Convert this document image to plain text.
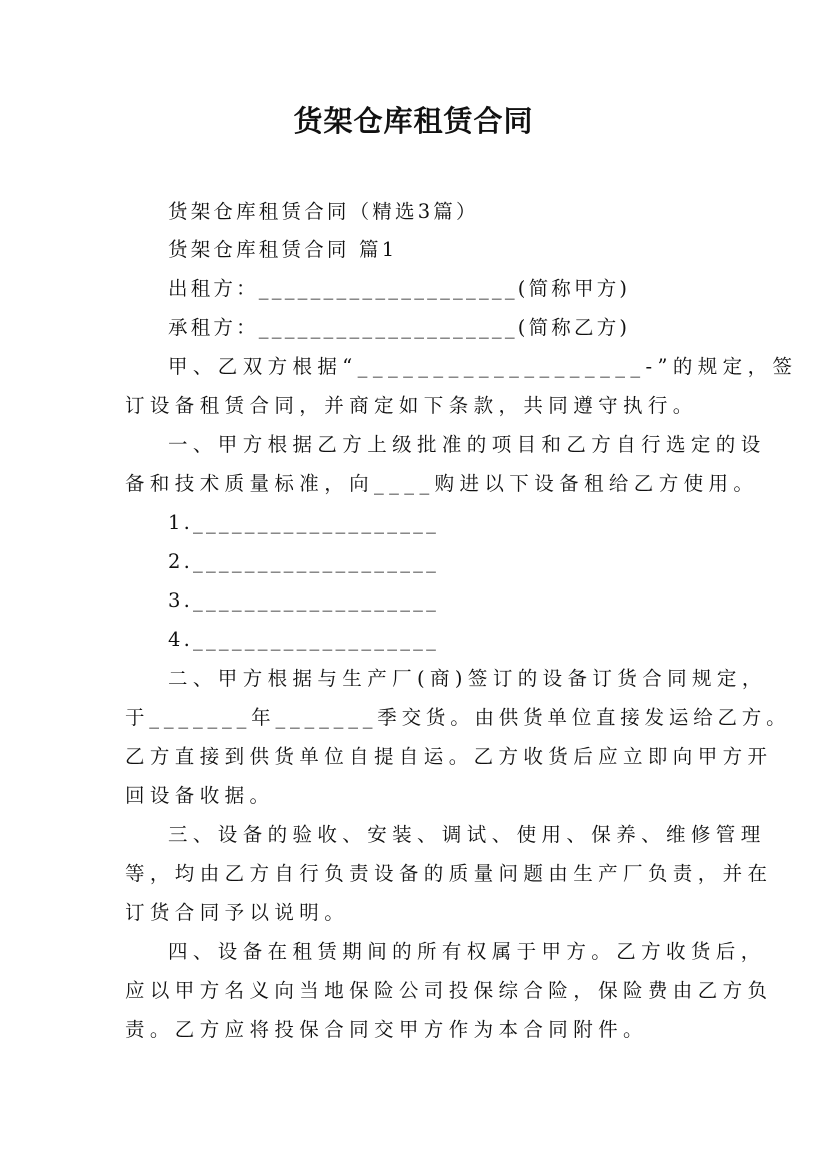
货架仓库租赁合同
货架仓库租赁合同（精选3篇）
货架仓库租赁合同 篇1
出租方：____________________(简称甲方)
承租方：____________________(简称乙方)
甲、乙双方根据“___________________-”的规定，签
订设备租赁合同，并商定如下条款，共同遵守执行。
一、甲方根据乙方上级批准的项目和乙方自行选定的设
备和技术质量标准，向____购进以下设备租给乙方使用。
1.___________________
2.___________________
3.___________________
4.___________________
二、甲方根据与生产厂(商)签订的设备订货合同规定，
于_______年_______季交货。由供货单位直接发运给乙方。
乙方直接到供货单位自提自运。乙方收货后应立即向甲方开
回设备收据。
三、设备的验收、安装、调试、使用、保养、维修管理
等，均由乙方自行负责设备的质量问题由生产厂负责，并在
订货合同予以说明。
四、设备在租赁期间的所有权属于甲方。乙方收货后，
应以甲方名义向当地保险公司投保综合险，保险费由乙方负
责。乙方应将投保合同交甲方作为本合同附件。
